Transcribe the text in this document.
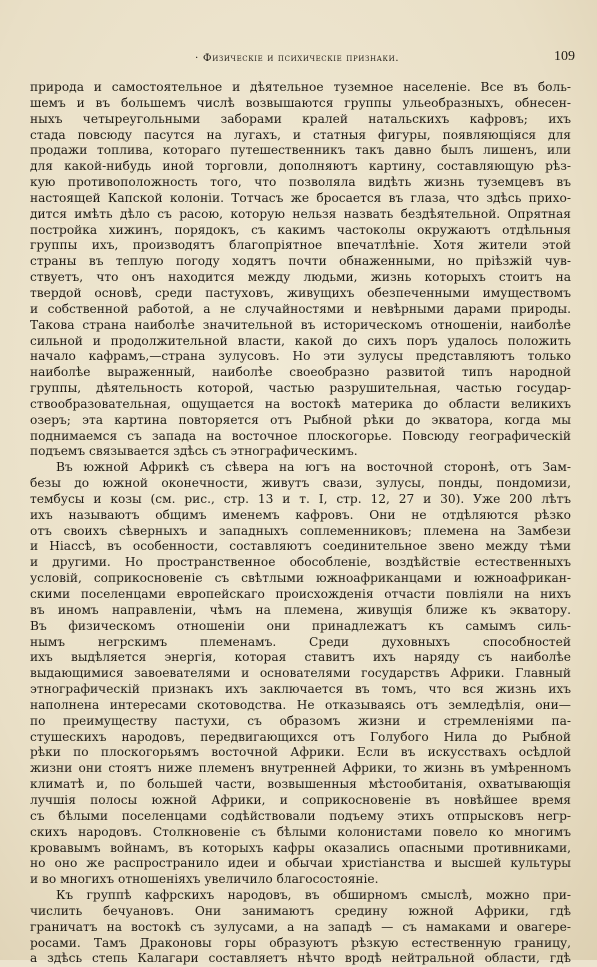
· Физическіе и психическіе признаки.	109
природа и самостоятельное и дѣятельное туземное населеніе. Все въ боль-
шемъ и въ большемъ числѣ возвышаются группы ульеобразныхъ, обнесен-
ныхъ четыреугольными заборами кралей натальскихъ кафровъ; ихъ
стада повсюду пасутся на лугахъ, и статныя фигуры, появляющіяся для
продажи топлива, котораго путешественникъ такъ давно былъ лишенъ, или
для какой-нибудь иной торговли, дополняютъ картину, составляющую рѣз-
кую противоположность того, что позволяла видѣть жизнь туземцевъ въ
настоящей Капской колоніи. Тотчасъ же бросается въ глаза, что здѣсь прихо-
дится имѣть дѣло съ расою, которую нельзя назвать бездѣятельной. Опрятная
постройка хижинъ, порядокъ, съ какимъ частоколы окружаютъ отдѣльныя
группы ихъ, производятъ благопріятное впечатлѣніе. Хотя жители этой
страны въ теплую погоду ходятъ почти обнаженными, но пріѣзжій чув-
ствуетъ, что онъ находится между людьми, жизнь которыхъ стоитъ на
твердой основѣ, среди пастуховъ, живущихъ обезпеченными имуществомъ
и собственной работой, а не случайностями и невѣрными дарами природы.
Такова страна наиболѣе значительной въ историческомъ отношеніи, наиболѣе
сильной и продолжительной власти, какой до сихъ поръ удалось положить
начало кафрамъ,—страна зулусовъ. Но эти зулусы представляютъ только
наиболѣе выраженный, наиболѣе своеобразно развитой типъ народной
группы, дѣятельность которой, частью разрушительная, частью государ-
ствообразовательная, ощущается на востокѣ материка до области великихъ
озеръ; эта картина повторяется отъ Рыбной рѣки до экватора, когда мы
поднимаемся съ запада на восточное плоскогорье. Повсюду географическій
подъемъ связывается здѣсь съ этнографическимъ.
Въ южной Африкѣ съ сѣвера на югъ на восточной сторонѣ, отъ Зам-
безы до южной оконечности, живутъ свази, зулусы, понды, пондомизи,
тембусы и козы (см. рис., стр. 13 и т. I, стр. 12, 27 и 30). Уже 200 лѣтъ
ихъ называютъ общимъ именемъ кафровъ. Они не отдѣляются рѣзко
отъ своихъ сѣверныхъ и западныхъ соплеменниковъ; племена на Замбези
и Ніассѣ, въ особенности, составляютъ соединительное звено между тѣми
и другими. Но пространственное обособленіе, воздѣйствіе естественныхъ
условій, соприкосновеніе съ свѣтлыми южноафриканцами и южноафрикан-
скими поселенцами европейскаго происхожденія отчасти повліяли на нихъ
въ иномъ направленіи, чѣмъ на племена, живущія ближе къ экватору.
Въ физическомъ отношеніи они принадлежатъ къ самымъ силь-
нымъ негрскимъ племенамъ. Среди духовныхъ способностей
ихъ выдѣляется энергія, которая ставитъ ихъ наряду съ наиболѣе
выдающимися завоевателями и основателями государствъ Африки. Главный
этнографическій признакъ ихъ заключается въ томъ, что вся жизнь ихъ
наполнена интересами скотоводства. Не отказываясь отъ земледѣлія, они—
по преимуществу пастухи, съ образомъ жизни и стремленіями па-
стушескихъ народовъ, передвигающихся отъ Голубого Нила до Рыбной
рѣки по плоскогорьямъ восточной Африки. Если въ искусствахъ осѣдлой
жизни они стоятъ ниже племенъ внутренней Африки, то жизнь въ умѣренномъ
климатѣ и, по большей части, возвышенныя мѣстообитанія, охватывающія
лучшія полосы южной Африки, и соприкосновеніе въ новѣйшее время
съ бѣлыми поселенцами содѣйствовали подъему этихъ отпрысковъ негр-
скихъ народовъ. Столкновеніе съ бѣлыми колонистами повело ко многимъ
кровавымъ войнамъ, въ которыхъ кафры оказались опасными противниками,
но оно же распространило идеи и обычаи христіанства и высшей культуры
и во многихъ отношеніяхъ увеличило благосостояніе.
Къ группѣ кафрскихъ народовъ, въ обширномъ смыслѣ, можно при-
числить бечуановъ. Они занимаютъ средину южной Африки, гдѣ
граничатъ на востокѣ съ зулусами, а на западѣ — съ намаками и овагере-
росами. Тамъ Драконовы горы образуютъ рѣзкую естественную границу,
а здѣсь степь Калагари составляетъ нѣчто вродѣ нейтральной области, гдѣ
